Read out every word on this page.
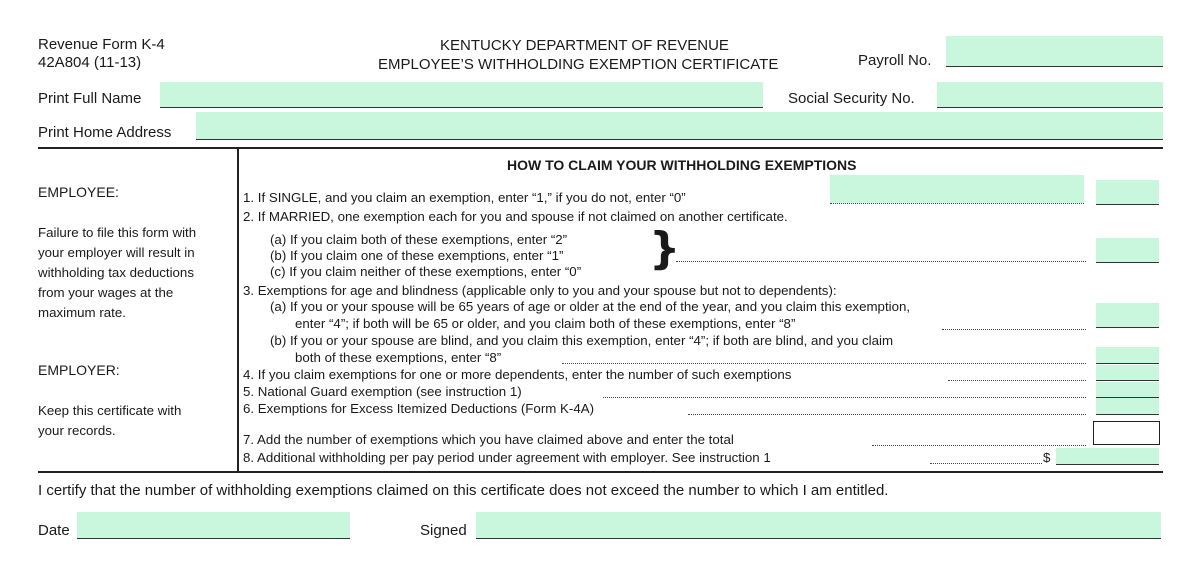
Revenue Form K-4
42A804 (11-13)
KENTUCKY DEPARTMENT OF REVENUE
EMPLOYEE’S WITHHOLDING EXEMPTION CERTIFICATE	Payroll No.
Print Full Name	Social Security No.
Print Home Address
EMPLOYEE:
Failure to file this form with
your employer will result in
withholding tax deductions
from your wages at the
maximum rate.
EMPLOYER:
Keep this certificate with
your records.
HOW TO CLAIM YOUR WITHHOLDING EXEMPTIONS
1. If SINGLE, and you claim an exemption, enter “1,” if you do not, enter “0”
2. If MARRIED, one exemption each for you and spouse if not claimed on another certificate.
(a) If you claim both of these exemptions, enter “2”
(b) If you claim one of these exemptions, enter “1”
(c) If you claim neither of these exemptions, enter “0” }
3. Exemptions for age and blindness (applicable only to you and your spouse but not to dependents):
(a) If you or your spouse will be 65 years of age or older at the end of the year, and you claim this exemption,
enter “4”; if both will be 65 or older, and you claim both of these exemptions, enter “8”
(b) If you or your spouse are blind, and you claim this exemption, enter “4”; if both are blind, and you claim
both of these exemptions, enter “8”
4. If you claim exemptions for one or more dependents, enter the number of such exemptions
5. National Guard exemption (see instruction 1)
6. Exemptions for Excess Itemized Deductions (Form K-4A)
7. Add the number of exemptions which you have claimed above and enter the total
8. Additional withholding per pay period under agreement with employer. See instruction 1	$
I certify that the number of withholding exemptions claimed on this certificate does not exceed the number to which I am entitled.
Date	Signed
